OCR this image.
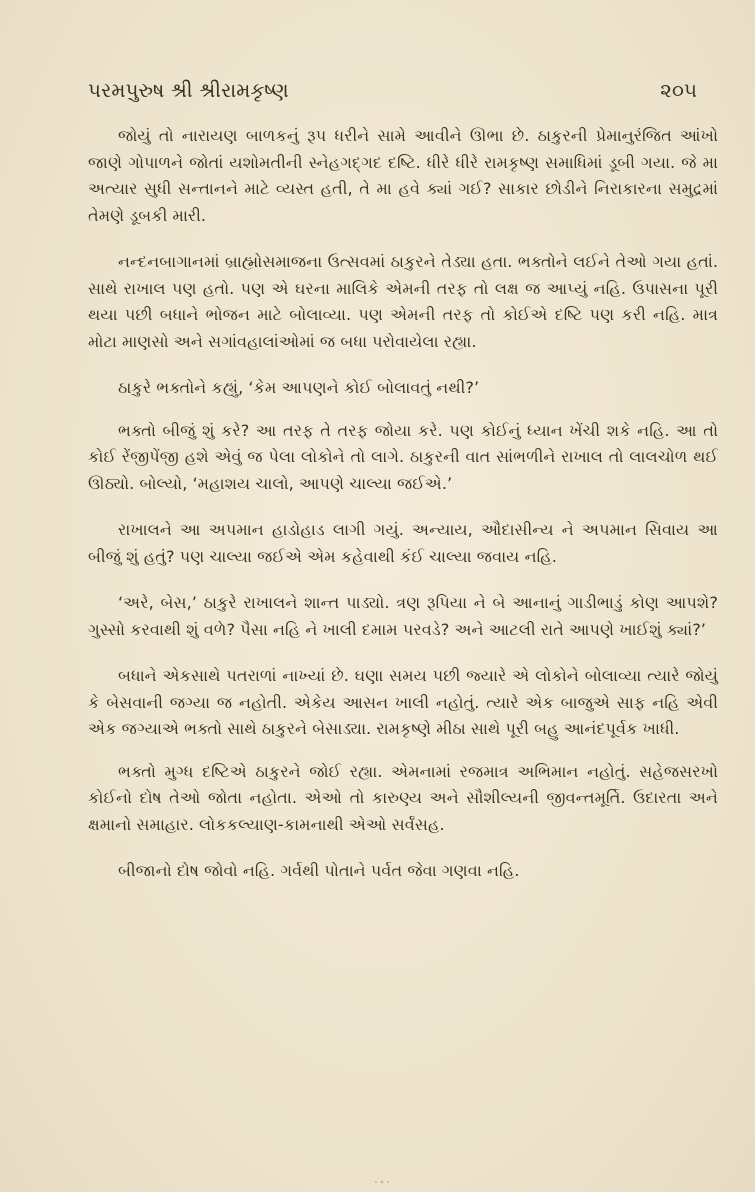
પરમપુરુષ શ્રી શ્રીરામકૃષ્ણ	૨૦૫

જોયું તો નારાયણ બાળકનું રૂપ ધરીને સામે આવીને ઊભા છે. ઠાકુરની પ્રેમાનુરંજિત આંખો જાણે ગોપાળને જોતાં યશોમતીની સ્નેહગદ્‌ગદ દષ્ટિ. ધીરે ધીરે રામકૃષ્ણ સમાધિમાં ડૂબી ગયા. જે મા અત્યાર સુધી સન્તાનને માટે વ્યસ્ત હતી, તે મા હવે ક્યાં ગઈ? સાકાર છોડીને નિરાકારના સમુદ્રમાં તેમણે ડૂબકી મારી.

નન્દનબાગાનમાં બ્રાહ્મોસમાજના ઉત્સવમાં ઠાકુરને તેડ્યા હતા. ભક્તોને લઈને તેઓ ગયા હતાં. સાથે રાખાલ પણ હતો. પણ એ ઘરના માલિકે એમની તરફ તો લક્ષ જ આપ્યું નહિ. ઉપાસના પૂરી થયા પછી બધાને ભોજન માટે બોલાવ્યા. પણ એમની તરફ તો કોઈએ દષ્ટિ પણ કરી નહિ. માત્ર મોટા માણસો અને સગાંવહાલાંઓમાં જ બધા પરોવાયેલા રહ્યા.

ઠાકુરે ભક્તોને કહ્યું, ‘કેમ આપણને કોઈ બોલાવતું નથી?’

ભક્તો બીજું શું કરે? આ તરફ તે તરફ જોયા કરે. પણ કોઈનું ધ્યાન ખેંચી શકે નહિ. આ તો કોઈ રેંજીપેંજી હશે એવું જ પેલા લોકોને તો લાગે. ઠાકુરની વાત સાંભળીને રાખાલ તો લાલચોળ થઈ ઊઠ્યો. બોલ્યો, ‘મહાશય ચાલો, આપણે ચાલ્યા જઈએ.’

રાખાલને આ અપમાન હાડોહાડ લાગી ગયું. અન્યાય, ઔદાસીન્ય ને અપમાન સિવાય આ બીજું શું હતું? પણ ચાલ્યા જઈએ એમ કહેવાથી કંઈ ચાલ્યા જવાય નહિ.

‘અરે, બેસ,’ ઠાકુરે રાખાલને શાન્ત પાડ્યો. ત્રણ રૂપિયા ને બે આનાનું ગાડીભાડું કોણ આપશે? ગુસ્સો કરવાથી શું વળે? પૈસા નહિ ને ખાલી દમામ પરવડે? અને આટલી રાતે આપણે ખાઈશું ક્યાં?’

બધાને એકસાથે પતરાળાં નાખ્યાં છે. ઘણા સમય પછી જ્યારે એ લોકોને બોલાવ્યા ત્યારે જોયું કે બેસવાની જગ્યા જ નહોતી. એકેય આસન ખાલી નહોતું. ત્યારે એક બાજુએ સાફ નહિ એવી એક જગ્યાએ ભક્તો સાથે ઠાકુરને બેસાડ્યા. રામકૃષ્ણે મીઠા સાથે પૂરી બહુ આનંદપૂર્વક ખાધી.

ભક્તો મુગ્ધ દષ્ટિએ ઠાકુરને જોઈ રહ્યા. એમનામાં રજમાત્ર અભિમાન નહોતું. સહેજસરખો કોઈનો દોષ તેઓ જોતા નહોતા. એઓ તો કારુણ્ય અને સૌશીલ્યની જીવન્તમૂર્તિ. ઉદારતા અને ક્ષમાનો સમાહાર. લોકકલ્યાણ-કામનાથી એઓ સર્વંસહ.

બીજાનો દોષ જોવો નહિ. ગર્વથી પોતાને પર્વત જેવા ગણવા નહિ.
